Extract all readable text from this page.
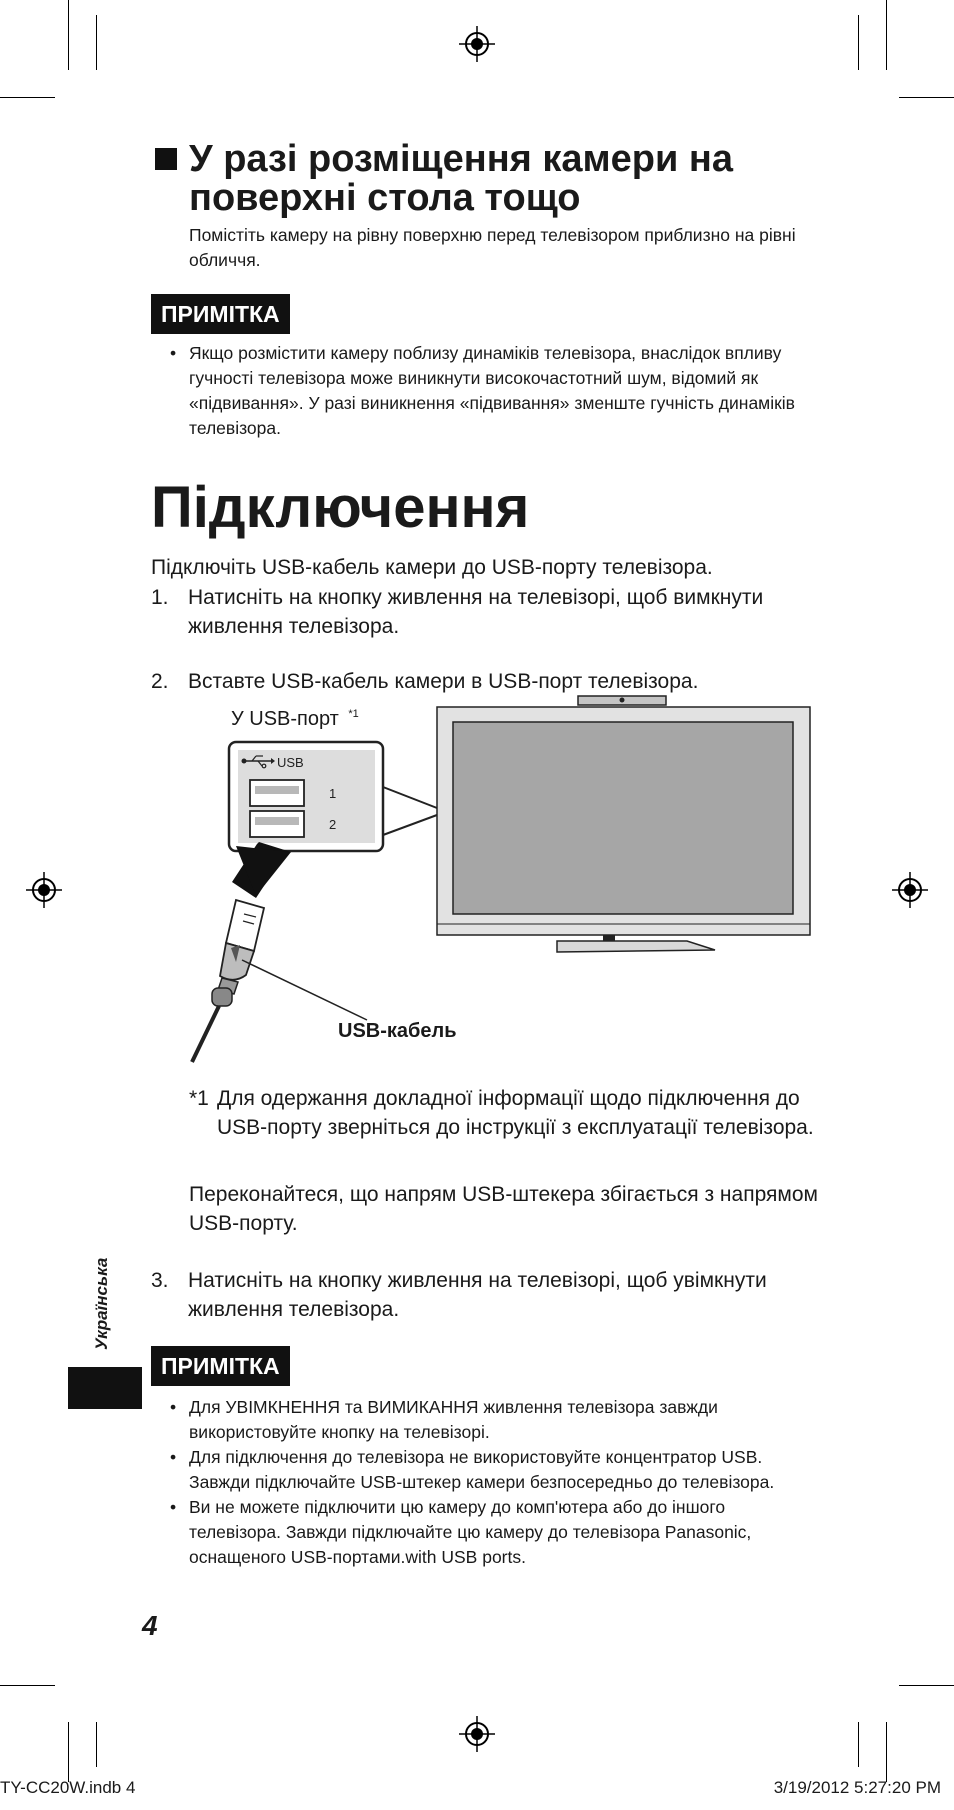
У разі розміщення камери на поверхні стола тощо
Помістіть камеру на рівну поверхню перед телевізором приблизно на рівні обличчя.
ПРИМІТКА
• Якщо розмістити камеру поблизу динаміків телевізора, внаслідок впливу гучності телевізора може виникнути високочастотний шум, відомий як «підвивання». У разі виникнення «підвивання» зменште гучність динаміків телевізора.
Підключення
Підключіть USB-кабель камери до USB-порту телевізора.
1. Натисніть на кнопку живлення на телевізорі, щоб вимкнути живлення телевізора.
2. Вставте USB-кабель камери в USB-порт телевізора.
У USB-порт $^{*1}$
USB
1
2
USB-кабель
*1 Для одержання докладної інформації щодо підключення до USB-порту зверніться до інструкції з експлуатації телевізора.
Переконайтеся, що напрям USB-штекера збігається з напрямом USB-порту.
3. Натисніть на кнопку живлення на телевізорі, щоб увімкнути живлення телевізора.
Українська
ПРИМІТКА
• Для УВІМКНЕННЯ та ВИМИКАННЯ живлення телевізора завжди використовуйте кнопку на телевізорі.
• Для підключення до телевізора не використовуйте концентратор USB. Завжди підключайте USB-штекер камери безпосередньо до телевізора.
• Ви не можете підключити цю камеру до комп'ютера або до іншого телевізора. Завжди підключайте цю камеру до телевізора Panasonic, оснащеного USB-портами.with USB ports.
4
TY-CC20W.indb 4	3/19/2012 5:27:20 PM
